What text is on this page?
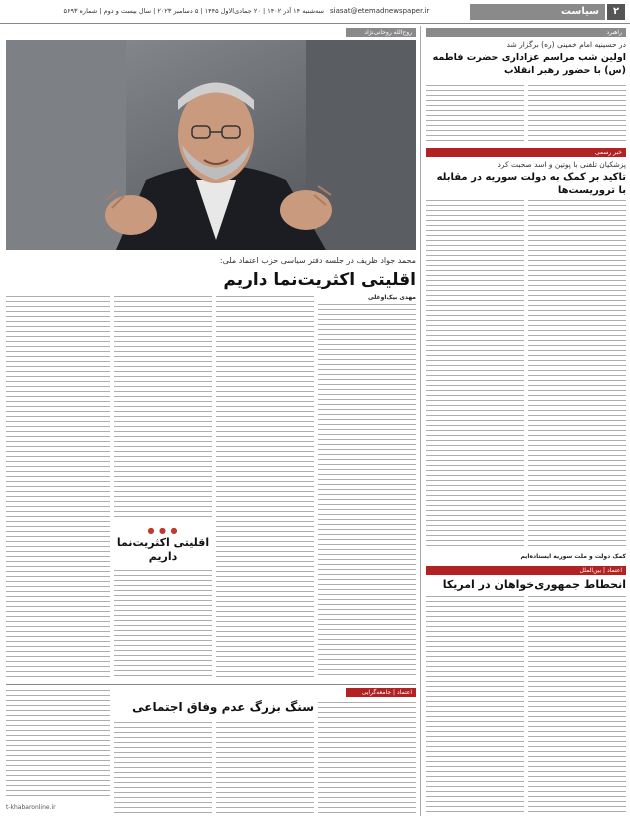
سه‌شنبه ۱۴ آذر ۱۴۰۲ | ۲۰ جمادی‌الاول ۱۴۴۵ | ۵ دسامبر ۲۰۲۳ | سال بیست و دوم | شماره ۵۶۹۳ siasat@etemadnewspaper.ir	سیاست	۲
راهبرد
در حسینیه امام خمینی (ره) برگزار شد
اولین شب مراسم عزاداری حضرت فاطمه (س) با حضور رهبر انقلاب
خبر رسمی
پزشکیان تلفنی با پوتین و اسد صحبت کرد
تاکید بر کمک به دولت سوریه در مقابله با تروریست‌ها
کمک دولت و ملت سوریه ایستاده‌ایم
اعتماد | بین‌الملل
انحطاط جمهوری‌خواهان در امریکا
روح‌الله روحانی‌نژاد
محمد جواد ظریف در جلسه دفتر سیاسی حزب اعتماد ملی:
اقلیتی اکثریت‌نما داریم
مهدی بیک‌اوغلی
● ● ●
اقلیتی اکثریت‌نما داریم
اعتماد | جامعه‌گرایی
سنگ بزرگ عدم وفاق اجتماعی
t-khabaronline.ir
